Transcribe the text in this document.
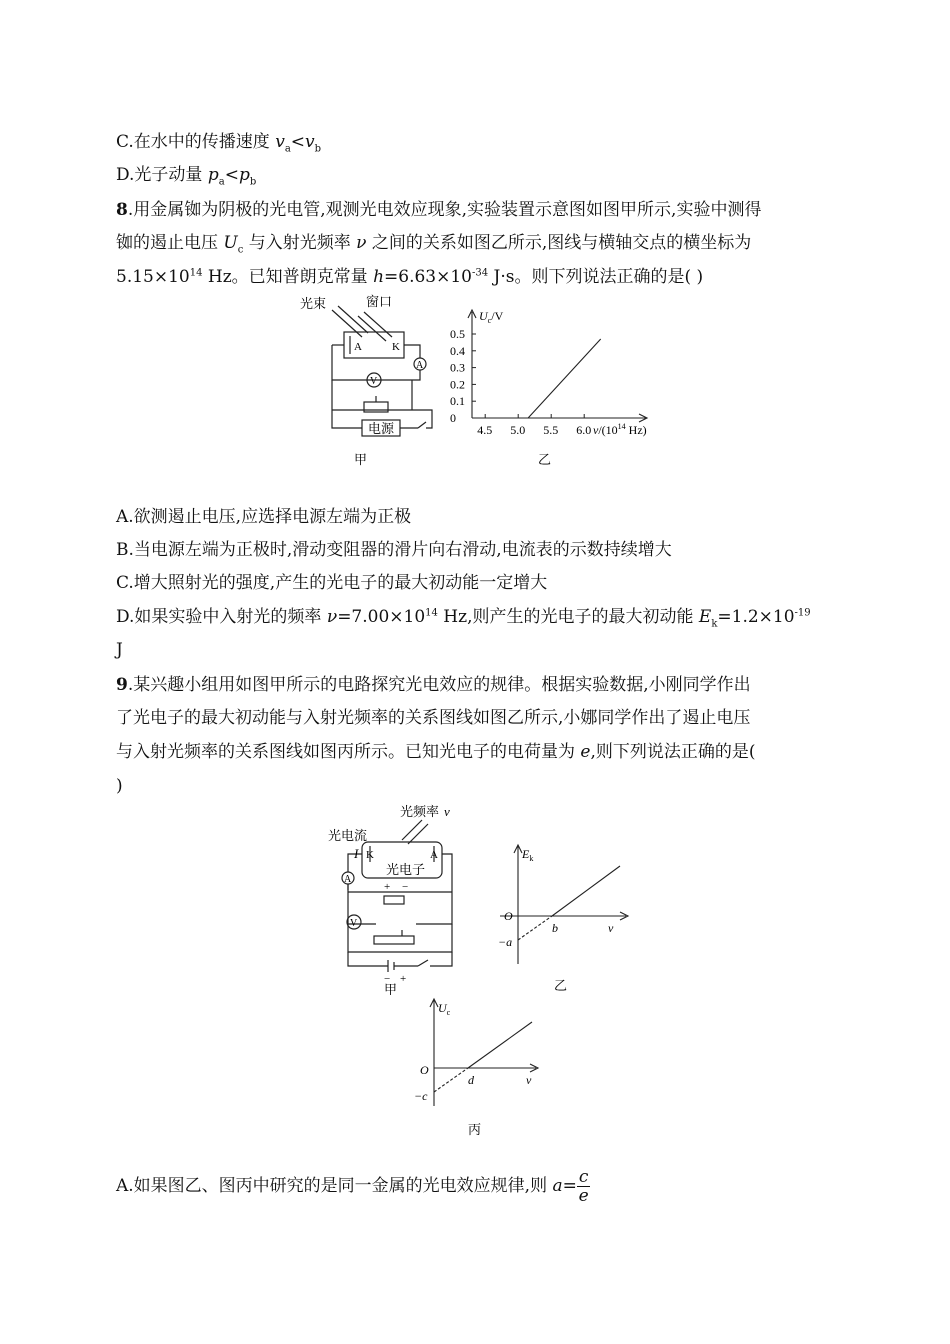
C.在水中的传播速度 $v_a<v_b$
D.光子动量 $p_a<p_b$
8.用金属铷为阴极的光电管,观测光电效应现象,实验装置示意图如图甲所示,实验中测得
铷的遏止电压 $U_c$ 与入射光频率 ν 之间的关系如图乙所示,图线与横轴交点的横坐标为
$5.15\times 10^{14}$ Hz。已知普朗克常量 $h=6.63\times 10^{-34}$ J·s。则下列说法正确的是( )
光束	窗口
A	K
A
V
电源
甲
0.5
0.4
0.3
0.2
0.1
0
4.5 5.0 5.5 6.0
$U_c/V$
$\nu/(10^{14}$ Hz)
乙
A.欲测遏止电压,应选择电源左端为正极
B.当电源左端为正极时,滑动变阻器的滑片向右滑动,电流表的示数持续增大
C.增大照射光的强度,产生的光电子的最大初动能一定增大
D.如果实验中入射光的频率 $\nu=7.00\times 10^{14}$ Hz,则产生的光电子的最大初动能 $E_k=1.2\times 10^{-19}$
J
9.某兴趣小组用如图甲所示的电路探究光电效应的规律。根据实验数据,小刚同学作出
了光电子的最大初动能与入射光频率的关系图线如图乙所示,小娜同学作出了遏止电压
与入射光频率的关系图线如图丙所示。已知光电子的电荷量为 e,则下列说法正确的是(
)
光频率 ν
光电流
I K	A
光电子
A
V
+ −
− +
甲
$E_k$
O
b	ν
−a
乙
$U_c$
O
d	ν
−c
丙
A.如果图乙、图丙中研究的是同一金属的光电效应规律,则 $a= \frac{c}{e}$
